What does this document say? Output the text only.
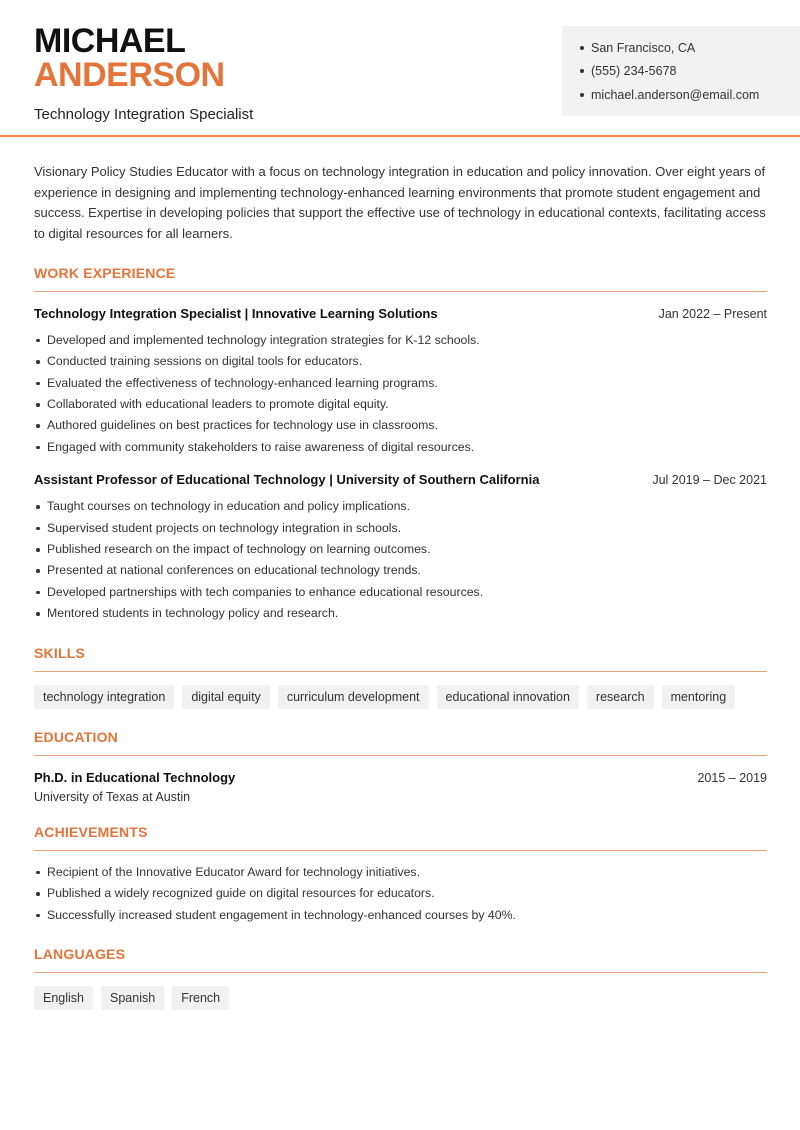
MICHAEL
ANDERSON
Technology Integration Specialist
San Francisco, CA
(555) 234-5678
michael.anderson@email.com

Visionary Policy Studies Educator with a focus on technology integration in education and policy innovation. Over eight years of experience in designing and implementing technology-enhanced learning environments that promote student engagement and success. Expertise in developing policies that support the effective use of technology in educational contexts, facilitating access to digital resources for all learners.

WORK EXPERIENCE
Technology Integration Specialist | Innovative Learning Solutions	Jan 2022 – Present
Developed and implemented technology integration strategies for K-12 schools.
Conducted training sessions on digital tools for educators.
Evaluated the effectiveness of technology-enhanced learning programs.
Collaborated with educational leaders to promote digital equity.
Authored guidelines on best practices for technology use in classrooms.
Engaged with community stakeholders to raise awareness of digital resources.
Assistant Professor of Educational Technology | University of Southern California	Jul 2019 – Dec 2021
Taught courses on technology in education and policy implications.
Supervised student projects on technology integration in schools.
Published research on the impact of technology on learning outcomes.
Presented at national conferences on educational technology trends.
Developed partnerships with tech companies to enhance educational resources.
Mentored students in technology policy and research.
SKILLS
technology integration	digital equity	curriculum development	educational innovation	research	mentoring
EDUCATION
Ph.D. in Educational Technology	2015 – 2019
University of Texas at Austin
ACHIEVEMENTS
Recipient of the Innovative Educator Award for technology initiatives.
Published a widely recognized guide on digital resources for educators.
Successfully increased student engagement in technology-enhanced courses by 40%.
LANGUAGES
English	Spanish	French
